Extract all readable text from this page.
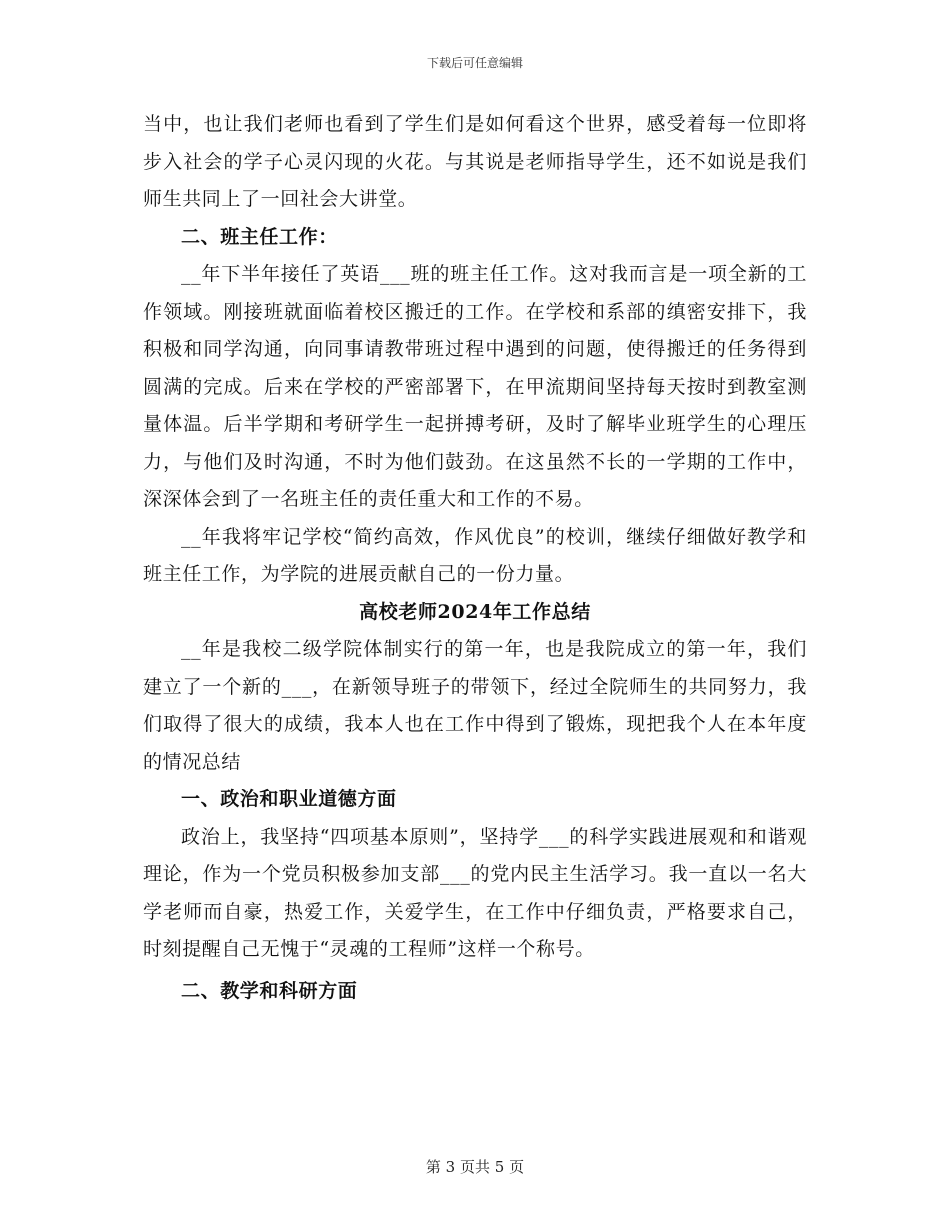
下载后可任意编辑

当中，也让我们老师也看到了学生们是如何看这个世界，感受着每一位即将步入社会的学子心灵闪现的火花。与其说是老师指导学生，还不如说是我们师生共同上了一回社会大讲堂。

二、班主任工作：

__年下半年接任了英语___班的班主任工作。这对我而言是一项全新的工作领域。刚接班就面临着校区搬迁的工作。在学校和系部的缜密安排下，我积极和同学沟通，向同事请教带班过程中遇到的问题，使得搬迁的任务得到圆满的完成。后来在学校的严密部署下，在甲流期间坚持每天按时到教室测量体温。后半学期和考研学生一起拼搏考研，及时了解毕业班学生的心理压力，与他们及时沟通，不时为他们鼓劲。在这虽然不长的一学期的工作中，深深体会到了一名班主任的责任重大和工作的不易。

__年我将牢记学校“简约高效，作风优良”的校训，继续仔细做好教学和班主任工作，为学院的进展贡献自己的一份力量。

高校老师2024年工作总结

__年是我校二级学院体制实行的第一年，也是我院成立的第一年，我们建立了一个新的___，在新领导班子的带领下，经过全院师生的共同努力，我们取得了很大的成绩，我本人也在工作中得到了锻炼，现把我个人在本年度的情况总结

一、政治和职业道德方面

政治上，我坚持“四项基本原则”，坚持学___的科学实践进展观和和谐观理论，作为一个党员积极参加支部___的党内民主生活学习。我一直以一名大学老师而自豪，热爱工作，关爱学生，在工作中仔细负责，严格要求自己，时刻提醒自己无愧于“灵魂的工程师”这样一个称号。

二、教学和科研方面

第 3 页共 5 页
